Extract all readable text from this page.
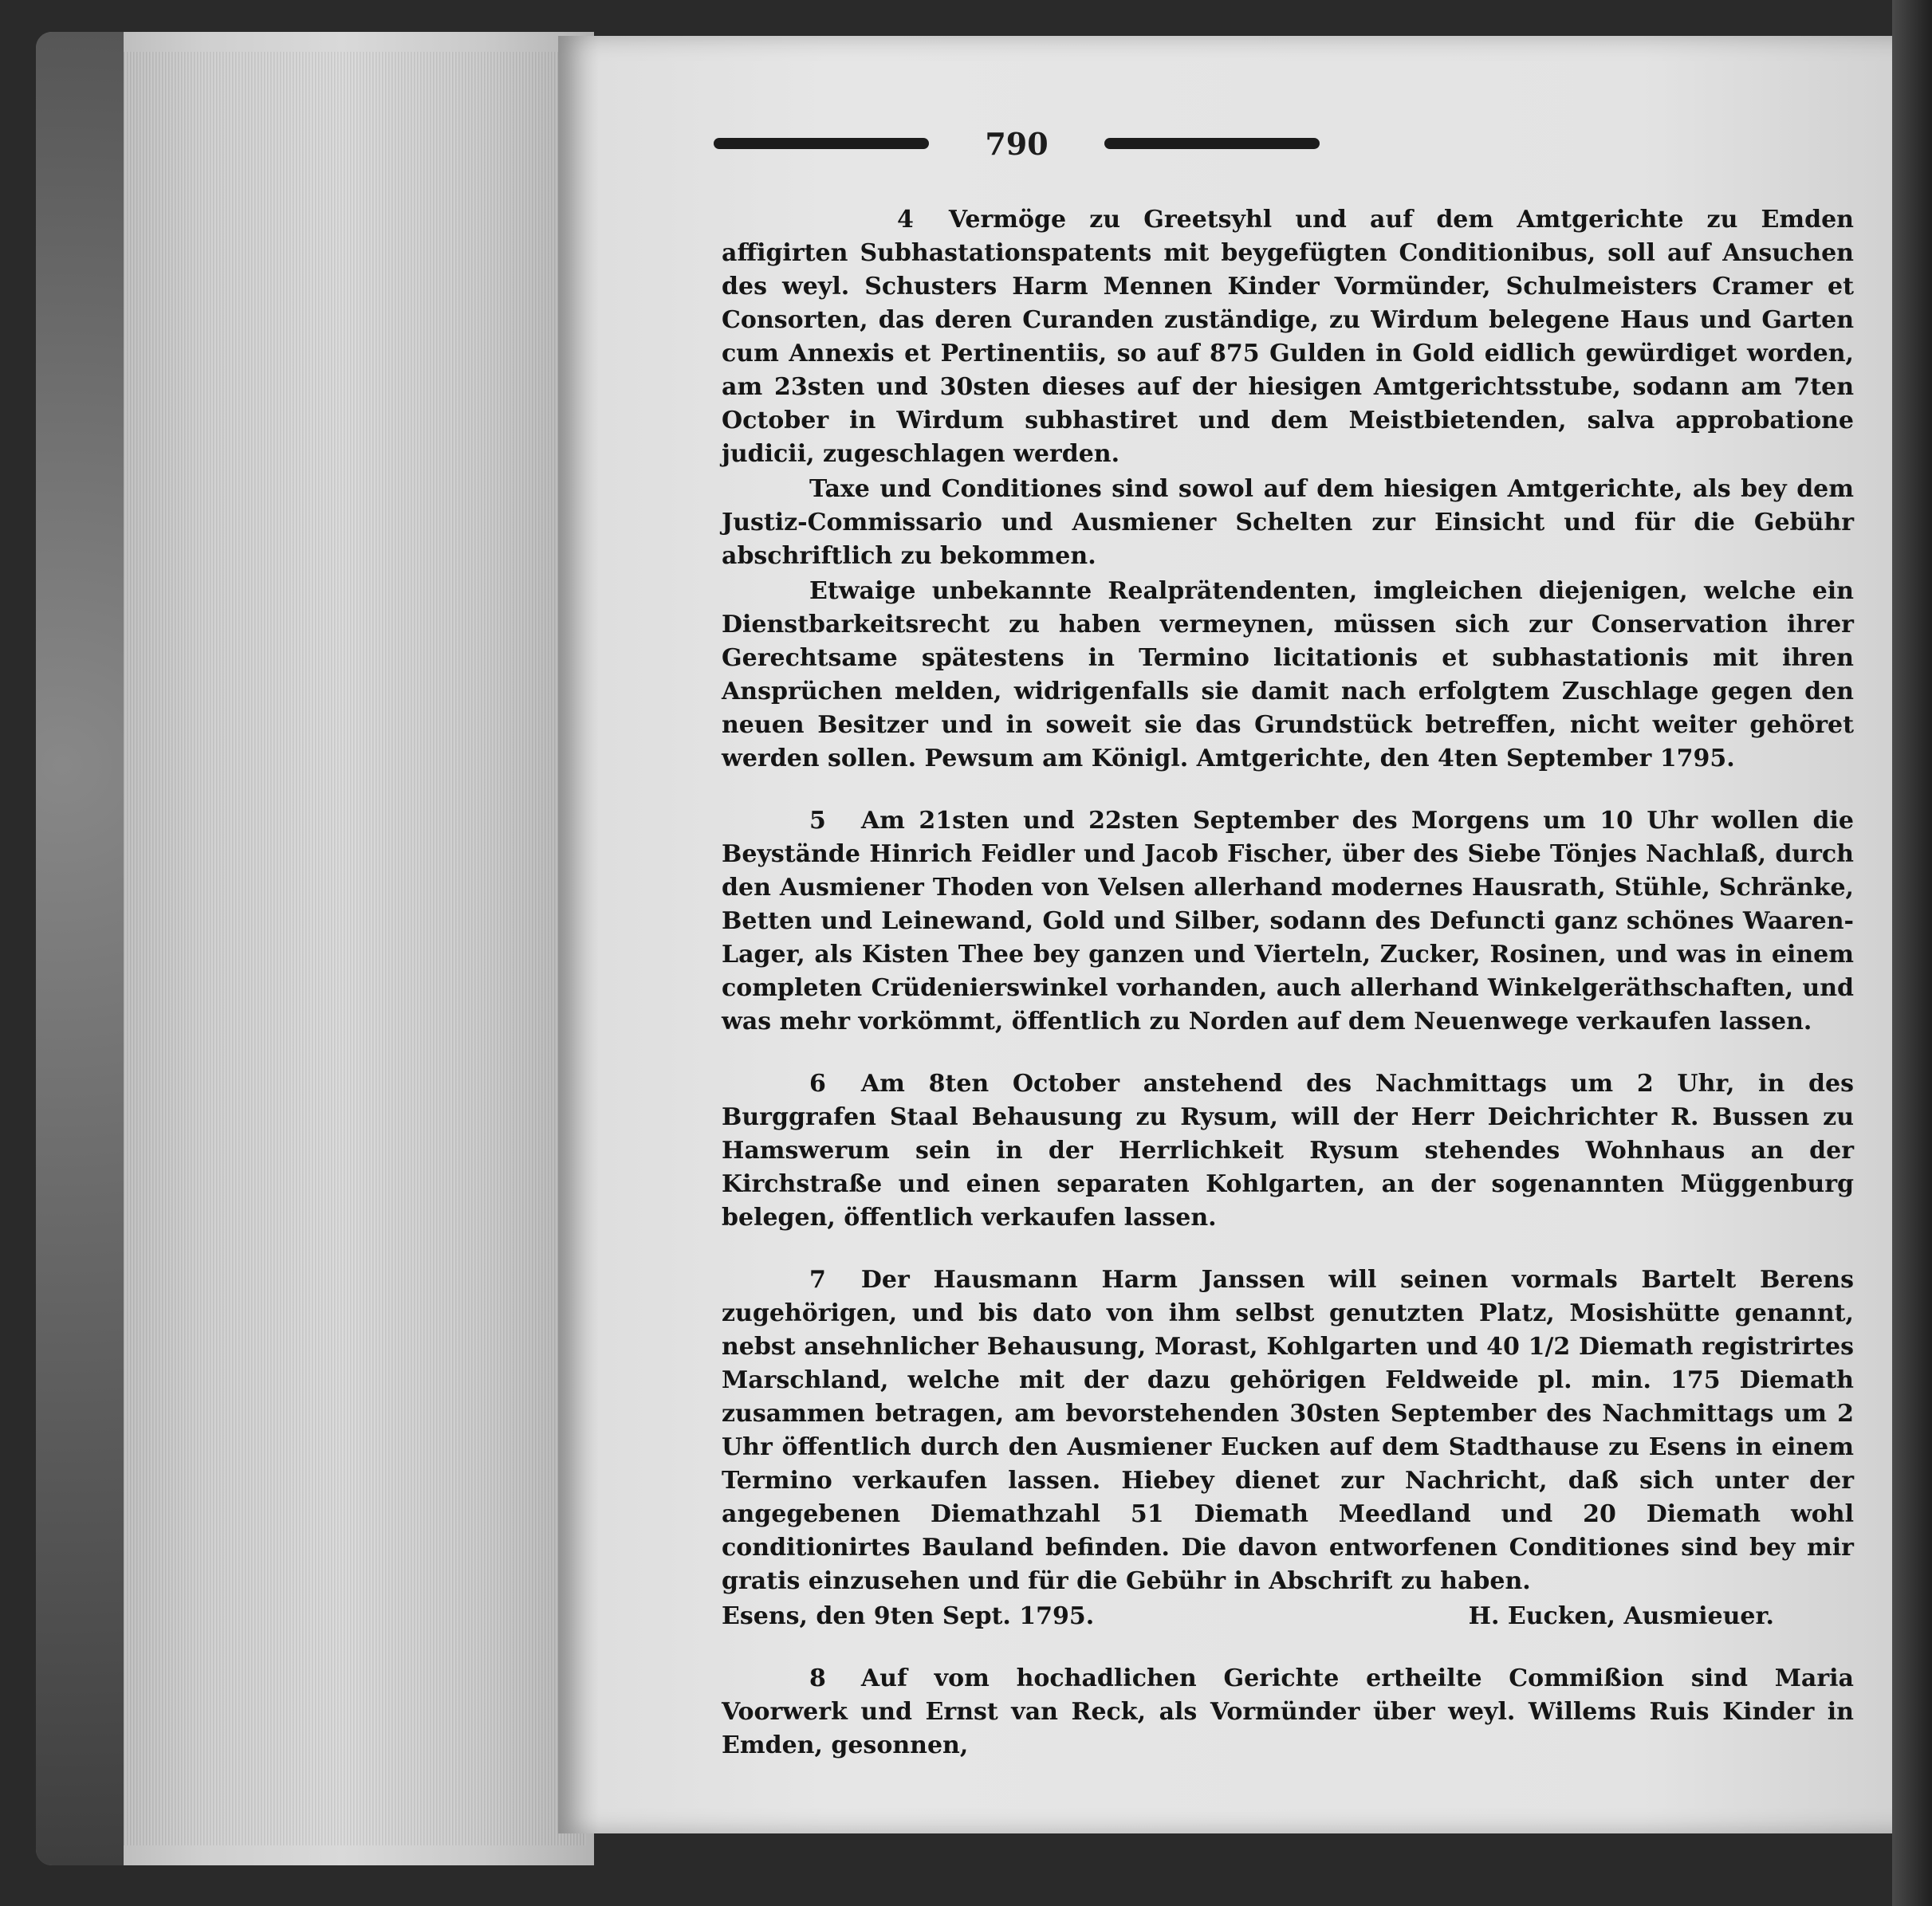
790

4 Vermöge zu Greetsyhl und auf dem Amtgerichte zu Emden affigirten Subhastationspatents mit beygefügten Conditionibus, soll auf Ansuchen des weyl. Schusters Harm Mennen Kinder Vormünder, Schulmeisters Cramer et Consorten, das deren Curanden zuständige, zu Wirdum belegene Haus und Garten cum Annexis et Pertinentiis, so auf 875 Gulden in Gold eidlich gewürdiget worden, am 23sten und 30sten dieses auf der hiesigen Amtgerichtsstube, sodann am 7ten October in Wirdum subhastiret und dem Meistbietenden, salva approbatione judicii, zugeschlagen werden.

Taxe und Conditiones sind sowol auf dem hiesigen Amtgerichte, als bey dem Justiz-Commissario und Ausmiener Schelten zur Einsicht und für die Gebühr abschriftlich zu bekommen.

Etwaige unbekannte Realprätendenten, imgleichen diejenigen, welche ein Dienstbarkeitsrecht zu haben vermeynen, müssen sich zur Conservation ihrer Gerechtsame spätestens in Termino licitationis et subhastationis mit ihren Ansprüchen melden, widrigenfalls sie damit nach erfolgtem Zuschlage gegen den neuen Besitzer und in soweit sie das Grundstück betreffen, nicht weiter gehöret werden sollen. Pewsum am Königl. Amtgerichte, den 4ten September 1795.

5 Am 21sten und 22sten September des Morgens um 10 Uhr wollen die Beystände Hinrich Feidler und Jacob Fischer, über des Siebe Tönjes Nachlaß, durch den Ausmiener Thoden von Velsen allerhand modernes Hausrath, Stühle, Schränke, Betten und Leinewand, Gold und Silber, sodann des Defuncti ganz schönes Waaren-Lager, als Kisten Thee bey ganzen und Vierteln, Zucker, Rosinen, und was in einem completen Crüdenierswinkel vorhanden, auch allerhand Winkelgeräthschaften, und was mehr vorkömmt, öffentlich zu Norden auf dem Neuenwege verkaufen lassen.

6 Am 8ten October anstehend des Nachmittags um 2 Uhr, in des Burggrafen Staal Behausung zu Rysum, will der Herr Deichrichter R. Bussen zu Hamswerum sein in der Herrlichkeit Rysum stehendes Wohnhaus an der Kirchstraße und einen separaten Kohlgarten, an der sogenannten Müggenburg belegen, öffentlich verkaufen lassen.

7 Der Hausmann Harm Janssen will seinen vormals Bartelt Berens zugehörigen, und bis dato von ihm selbst genutzten Platz, Mosishütte genannt, nebst ansehnlicher Behausung, Morast, Kohlgarten und 40 1/2 Diemath registrirtes Marschland, welche mit der dazu gehörigen Feldweide pl. min. 175 Diemath zusammen betragen, am bevorstehenden 30sten September des Nachmittags um 2 Uhr öffentlich durch den Ausmiener Eucken auf dem Stadthause zu Esens in einem Termino verkaufen lassen. Hiebey dienet zur Nachricht, daß sich unter der angegebenen Diemathzahl 51 Diemath Meedland und 20 Diemath wohl conditionirtes Bauland befinden. Die davon entworfenen Conditiones sind bey mir gratis einzusehen und für die Gebühr in Abschrift zu haben.

Esens, den 9ten Sept. 1795.	H. Eucken, Ausmieuer.

8 Auf vom hochadlichen Gerichte ertheilte Commißion sind Maria Voorwerk und Ernst van Reck, als Vormünder über weyl. Willems Ruis Kinder in Emden, gesonnen,
